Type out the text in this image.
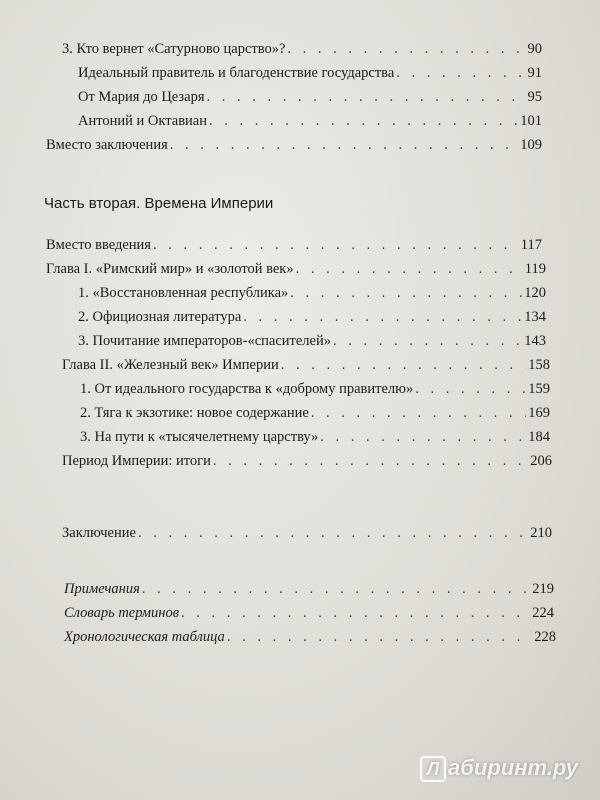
3. Кто вернет «Сатурново царство»? . . .	90
Идеальный правитель и благоденствие государства . . .	91
От Мария до Цезаря . . .	95
Антоний и Октавиан . . .	101
Вместо заключения . . .	109
Часть вторая. Времена Империи
Вместо введения . . .	117
Глава I. «Римский мир» и «золотой век» . . .	119
1. «Восстановленная республика» . . .	120
2. Официозная литература . . .	134
3. Почитание императоров-«спасителей» . . .	143
Глава II. «Железный век» Империи . . .	158
1. От идеального государства к «доброму правителю» . . .	159
2. Тяга к экзотике: новое содержание . . .	169
3. На пути к «тысячелетнему царству» . . .	184
Период Империи: итоги . . .	206
Заключение . . .	210
Примечания . . .	219
Словарь терминов . . .	224
Хронологическая таблица . . .	228
Л абиринт.ру
